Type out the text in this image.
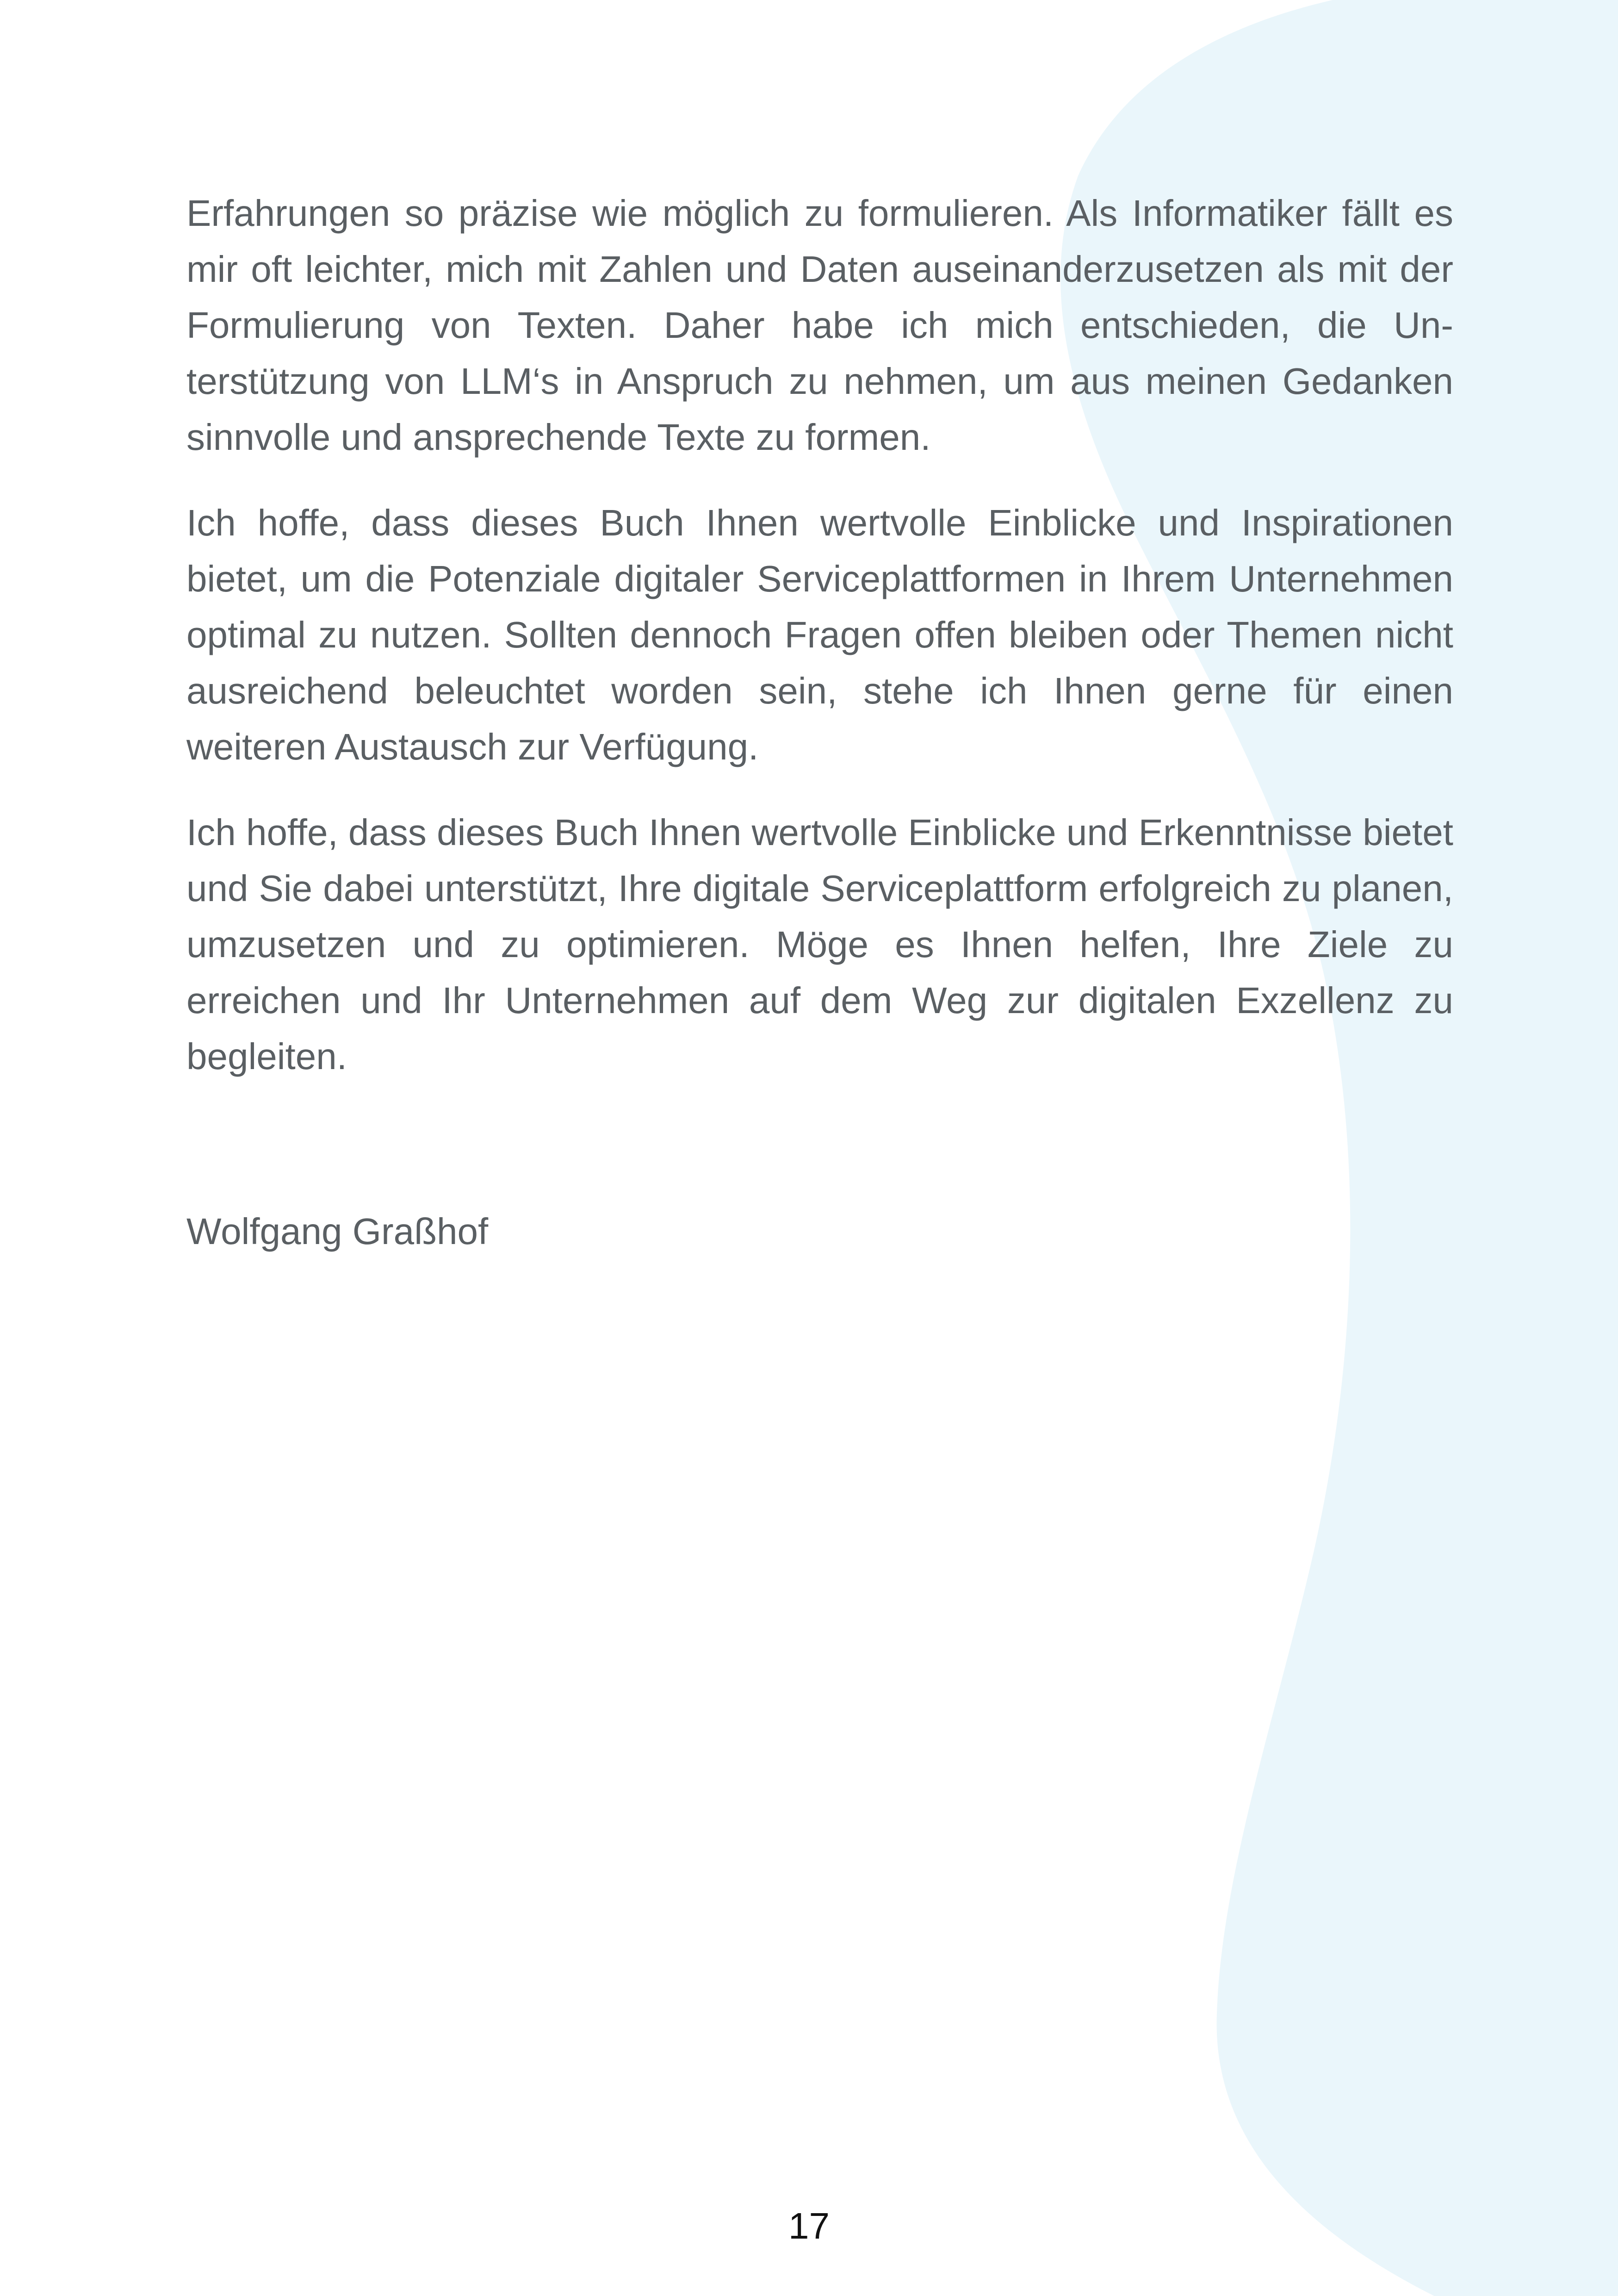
Erfahrungen so präzise wie möglich zu formulieren. Als Informatiker fällt es mir oft leichter, mich mit Zahlen und Daten auseinanderzusetzen als mit der Formulierung von Texten. Daher habe ich mich entschieden, die Unterstützung von LLM‘s in Anspruch zu nehmen, um aus meinen Gedanken sinnvolle und ansprechende Texte zu formen.

Ich hoffe, dass dieses Buch Ihnen wertvolle Einblicke und Inspirationen bietet, um die Potenziale digitaler Serviceplattformen in Ihrem Unternehmen optimal zu nutzen. Sollten dennoch Fragen offen bleiben oder Themen nicht ausreichend beleuchtet worden sein, stehe ich Ihnen gerne für einen weiteren Austausch zur Verfügung.

Ich hoffe, dass dieses Buch Ihnen wertvolle Einblicke und Erkenntnisse bietet und Sie dabei unterstützt, Ihre digitale Serviceplattform erfolgreich zu planen, umzusetzen und zu optimieren. Möge es Ihnen helfen, Ihre Ziele zu erreichen und Ihr Unternehmen auf dem Weg zur digitalen Exzellenz zu begleiten.

Wolfgang Graßhof

17
